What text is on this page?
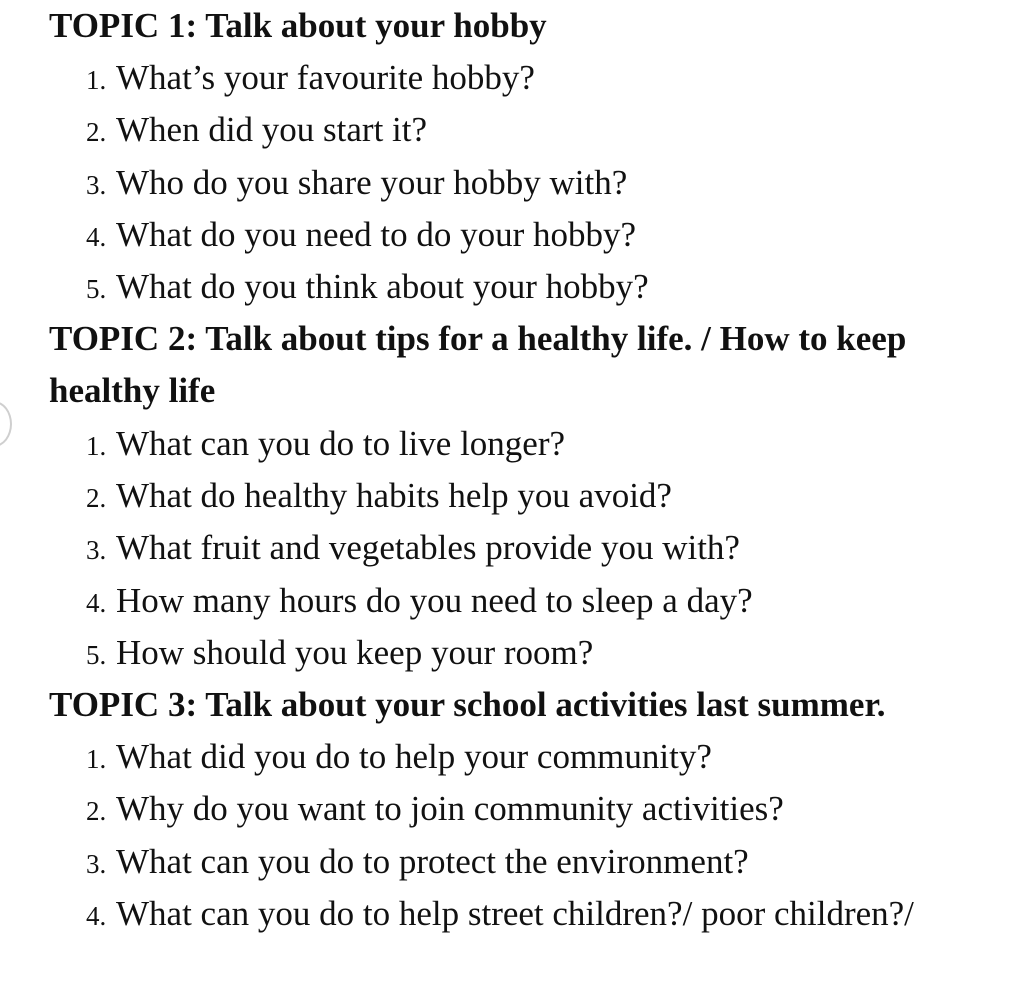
TOPIC 1: Talk about your hobby
1. What’s your favourite hobby?
2. When did you start it?
3. Who do you share your hobby with?
4. What do you need to do your hobby?
5. What do you think about your hobby?
TOPIC 2: Talk about tips for a healthy life. / How to keep
healthy life
1. What can you do to live longer?
2. What do healthy habits help you avoid?
3. What fruit and vegetables provide you with?
4. How many hours do you need to sleep a day?
5. How should you keep your room?
TOPIC 3: Talk about your school activities last summer.
1. What did you do to help your community?
2. Why do you want to join community activities?
3. What can you do to protect the environment?
4. What can you do to help street children?/ poor children?/
